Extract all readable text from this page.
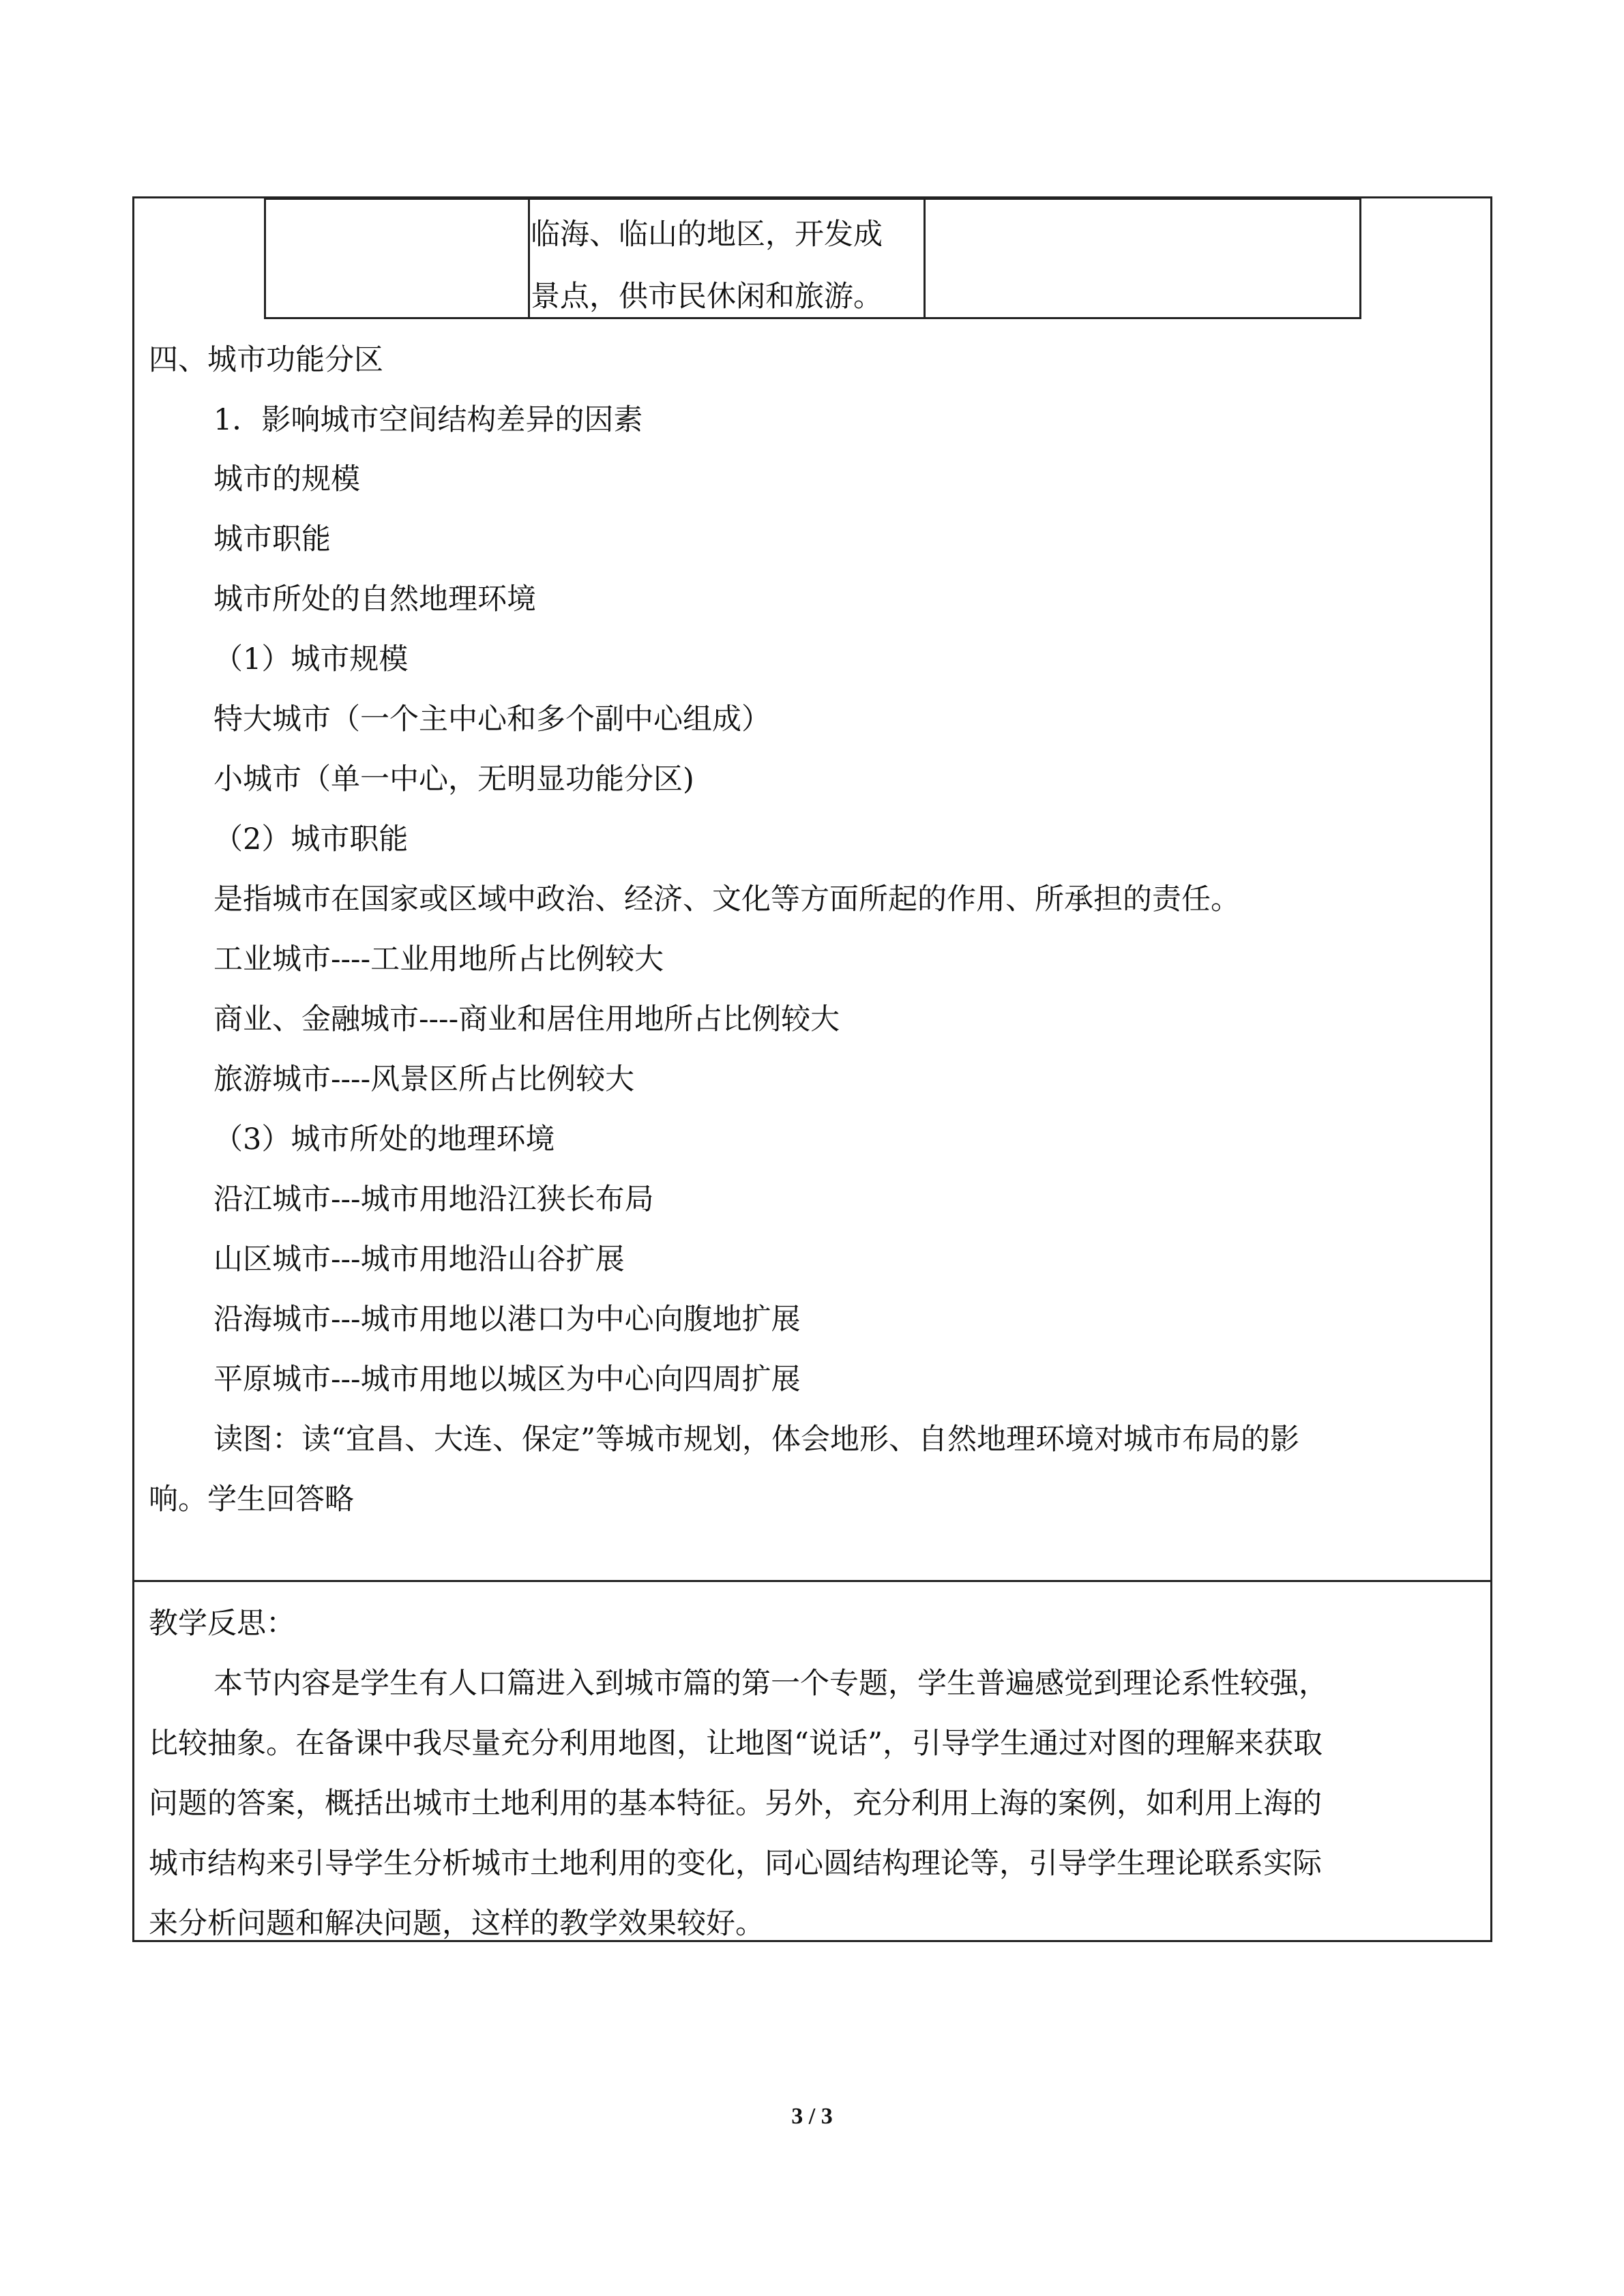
临海、临山的地区，开发成
景点，供市民休闲和旅游。
四、城市功能分区
1．影响城市空间结构差异的因素
城市的规模
城市职能
城市所处的自然地理环境
（1）城市规模
特大城市（一个主中心和多个副中心组成）
小城市（单一中心，无明显功能分区)
（2）城市职能
是指城市在国家或区域中政治、经济、文化等方面所起的作用、所承担的责任。
工业城市----工业用地所占比例较大
商业、金融城市----商业和居住用地所占比例较大
旅游城市----风景区所占比例较大
（3）城市所处的地理环境
沿江城市---城市用地沿江狭长布局
山区城市---城市用地沿山谷扩展
沿海城市---城市用地以港口为中心向腹地扩展
平原城市---城市用地以城区为中心向四周扩展
读图：读“宜昌、大连、保定”等城市规划，体会地形、自然地理环境对城市布局的影
响。学生回答略
教学反思：
本节内容是学生有人口篇进入到城市篇的第一个专题，学生普遍感觉到理论系性较强，
比较抽象。在备课中我尽量充分利用地图，让地图“说话”，引导学生通过对图的理解来获取
问题的答案，概括出城市土地利用的基本特征。另外，充分利用上海的案例，如利用上海的
城市结构来引导学生分析城市土地利用的变化，同心圆结构理论等，引导学生理论联系实际
来分析问题和解决问题，这样的教学效果较好。
3 / 3
